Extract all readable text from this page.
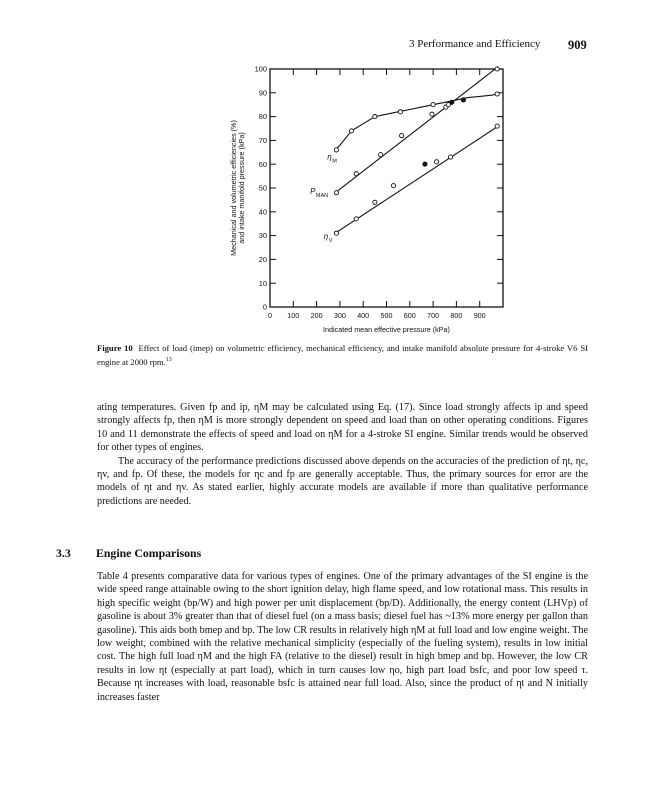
3 Performance and Efficiency 909
0 100 200 300 400 500 600 700 800 900
0
10
20
30
40
50
60
70
80
90
100
Indicated mean effective pressure (kPa)
Mechanical and volumetric efficiencies (%) and intake manifold pressure (kPa)	η M
P MAN
η V
Figure 10 Effect of load (imep) on volumetric efficiency, mechanical efficiency, and intake manifold absolute pressure for 4-stroke V6 SI engine at 2000 rpm.$^{13}$

ating temperatures. Given fp and ip, ηM may be calculated using Eq. (17). Since load strongly affects ip and speed strongly affects fp, then ηM is more strongly dependent on speed and load than on other operating conditions. Figures 10 and 11 demonstrate the effects of speed and load on ηM for a 4-stroke SI engine. Similar trends would be observed for other types of engines.

The accuracy of the performance predictions discussed above depends on the accuracies of the prediction of ηt, ηc, ηv, and fp. Of these, the models for ηc and fp are generally acceptable. Thus, the primary sources for error are the models of ηt and ηv. As stated earlier, highly accurate models are available if more than qualitative performance predictions are needed.

3.3 Engine Comparisons

Table 4 presents comparative data for various types of engines. One of the primary advantages of the SI engine is the wide speed range attainable owing to the short ignition delay, high flame speed, and low rotational mass. This results in high specific weight (bp/W) and high power per unit displacement (bp/D). Additionally, the energy content (LHVp) of gasoline is about 3% greater than that of diesel fuel (on a mass basis; diesel fuel has ~13% more energy per gallon than gasoline). This aids both bmep and bp. The low CR results in relatively high ηM at full load and low engine weight. The low weight, combined with the relative mechanical simplicity (especially of the fueling system), results in low initial cost. The high full load ηM and the high FA (relative to the diesel) result in high bmep and bp. However, the low CR results in low ηt (especially at part load), which in turn causes low ηo, high part load bsfc, and poor low speed τ. Because ηt increases with load, reasonable bsfc is attained near full load. Also, since the product of ηt and N initially increases faster
